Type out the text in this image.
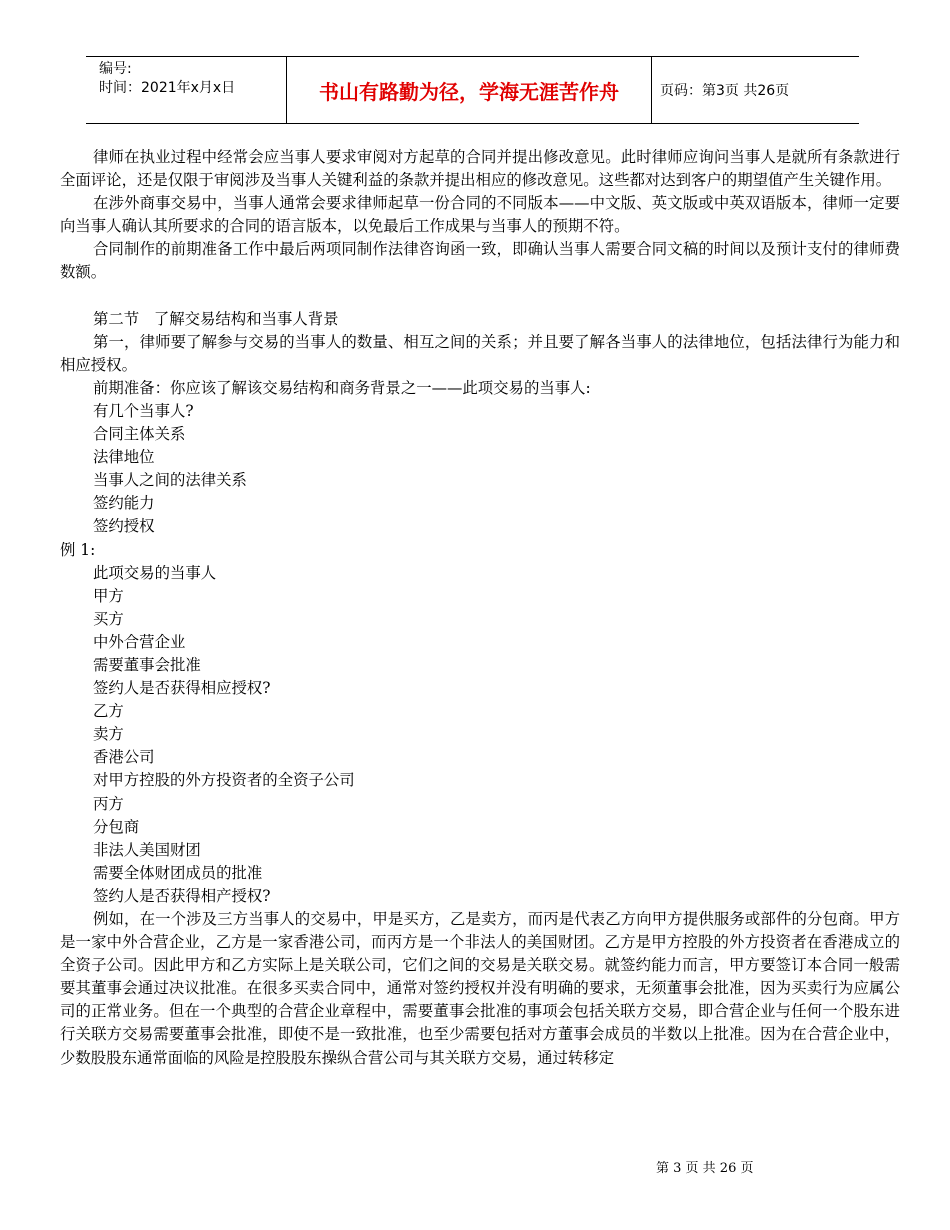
编号:
时间：2021年x月x日	书山有路勤为径，学海无涯苦作舟	页码：第3页 共26页

律师在执业过程中经常会应当事人要求审阅对方起草的合同并提出修改意见。此时律师应询问当事人是就所有条款进行全面评论，还是仅限于审阅涉及当事人关键利益的条款并提出相应的修改意见。这些都对达到客户的期望值产生关键作用。

在涉外商事交易中，当事人通常会要求律师起草一份合同的不同版本——中文版、英文版或中英双语版本，律师一定要向当事人确认其所要求的合同的语言版本，以免最后工作成果与当事人的预期不符。

合同制作的前期准备工作中最后两项同制作法律咨询函一致，即确认当事人需要合同文稿的时间以及预计支付的律师费数额。

第二节   了解交易结构和当事人背景

第一，律师要了解参与交易的当事人的数量、相互之间的关系；并且要了解各当事人的法律地位，包括法律行为能力和相应授权。

前期准备：你应该了解该交易结构和商务背景之一——此项交易的当事人:

有几个当事人?

合同主体关系

法律地位

当事人之间的法律关系

签约能力

签约授权

例 1:

此项交易的当事人

甲方

买方

中外合营企业

需要董事会批准

签约人是否获得相应授权?

乙方

卖方

香港公司

对甲方控股的外方投资者的全资子公司

丙方

分包商

非法人美国财团

需要全体财团成员的批准

签约人是否获得相产授权?

例如，在一个涉及三方当事人的交易中，甲是买方，乙是卖方，而丙是代表乙方向甲方提供服务或部件的分包商。甲方是一家中外合营企业，乙方是一家香港公司，而丙方是一个非法人的美国财团。乙方是甲方控股的外方投资者在香港成立的全资子公司。因此甲方和乙方实际上是关联公司，它们之间的交易是关联交易。就签约能力而言，甲方要签订本合同一般需要其董事会通过决议批准。在很多买卖合同中，通常对签约授权并没有明确的要求，无须董事会批准，因为买卖行为应属公司的正常业务。但在一个典型的合营企业章程中，需要董事会批准的事项会包括关联方交易，即合营企业与任何一个股东进行关联方交易需要董事会批准，即使不是一致批准，也至少需要包括对方董事会成员的半数以上批准。因为在合营企业中，少数股股东通常面临的风险是控股股东操纵合营公司与其关联方交易，通过转移定

第 3 页 共 26 页
